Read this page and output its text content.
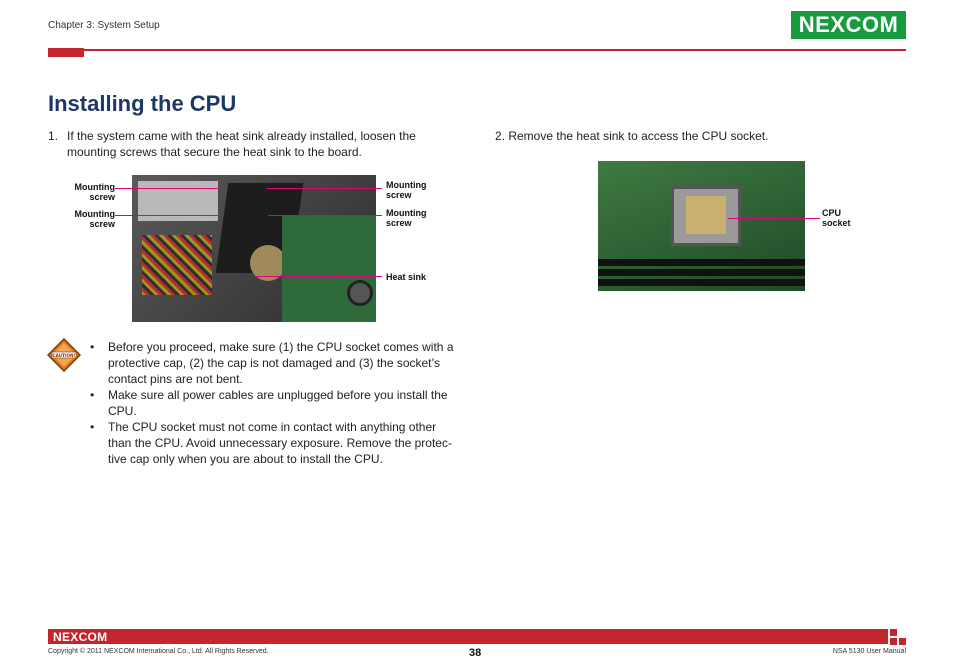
Chapter 3: System Setup	NEXCOM
Installing the CPU
1. If the system came with the heat sink already installed, loosen the mounting screws that secure the heat sink to the board.
2. Remove the heat sink to access the CPU socket.
Mounting screw
Mounting screw
Mounting screw
Mounting screw
Heat sink
CPU socket
CAUTION!
• Before you proceed, make sure (1) the CPU socket comes with a protective cap, (2) the cap is not damaged and (3) the socket’s contact pins are not bent.
• Make sure all power cables are unplugged before you install the CPU.
• The CPU socket must not come in contact with anything other than the CPU. Avoid unnecessary exposure. Remove the protec-tive cap only when you are about to install the CPU.
NEXCOM
Copyright © 2011 NEXCOM International Co., Ltd. All Rights Reserved.	38	NSA 5130 User Manual
